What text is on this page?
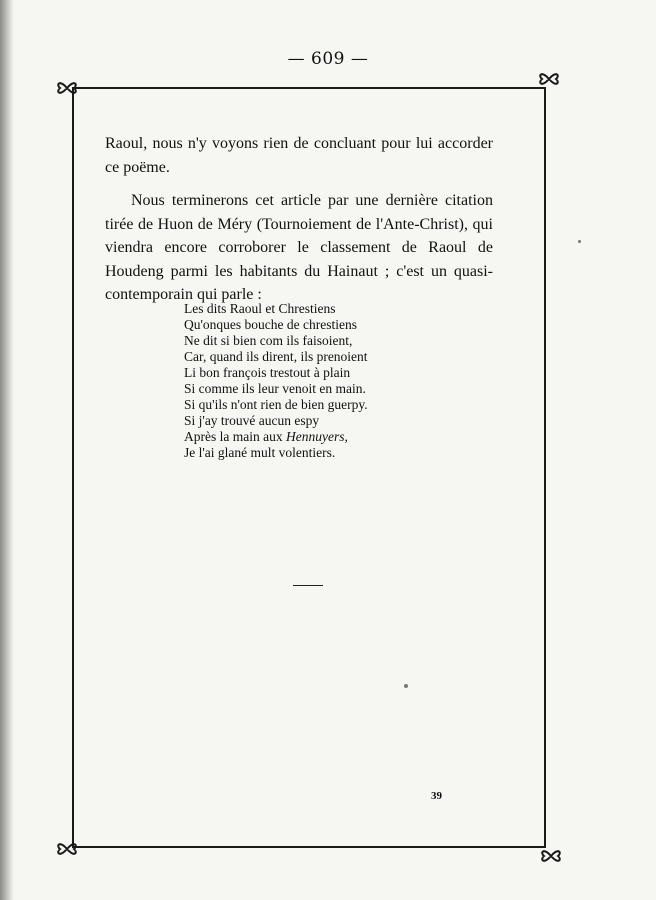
— 609 —

Raoul, nous n'y voyons rien de concluant pour lui accorder ce poëme.

Nous terminerons cet article par une dernière citation tirée de Huon de Méry (Tournoiement de l'Ante-Christ), qui viendra encore corroborer le classement de Raoul de Houdeng parmi les habitants du Hainaut ; c'est un quasi-contemporain qui parle :

Les dits Raoul et Chrestiens
Qu'onques bouche de chrestiens
Ne dit si bien com ils faisoient,
Car, quand ils dirent, ils prenoient
Li bon françois trestout à plain
Si comme ils leur venoit en main.
Si qu'ils n'ont rien de bien guerpy.
Si j'ay trouvé aucun espy
Après la main aux Hennuyers,
Je l'ai glané mult volentiers.
39
